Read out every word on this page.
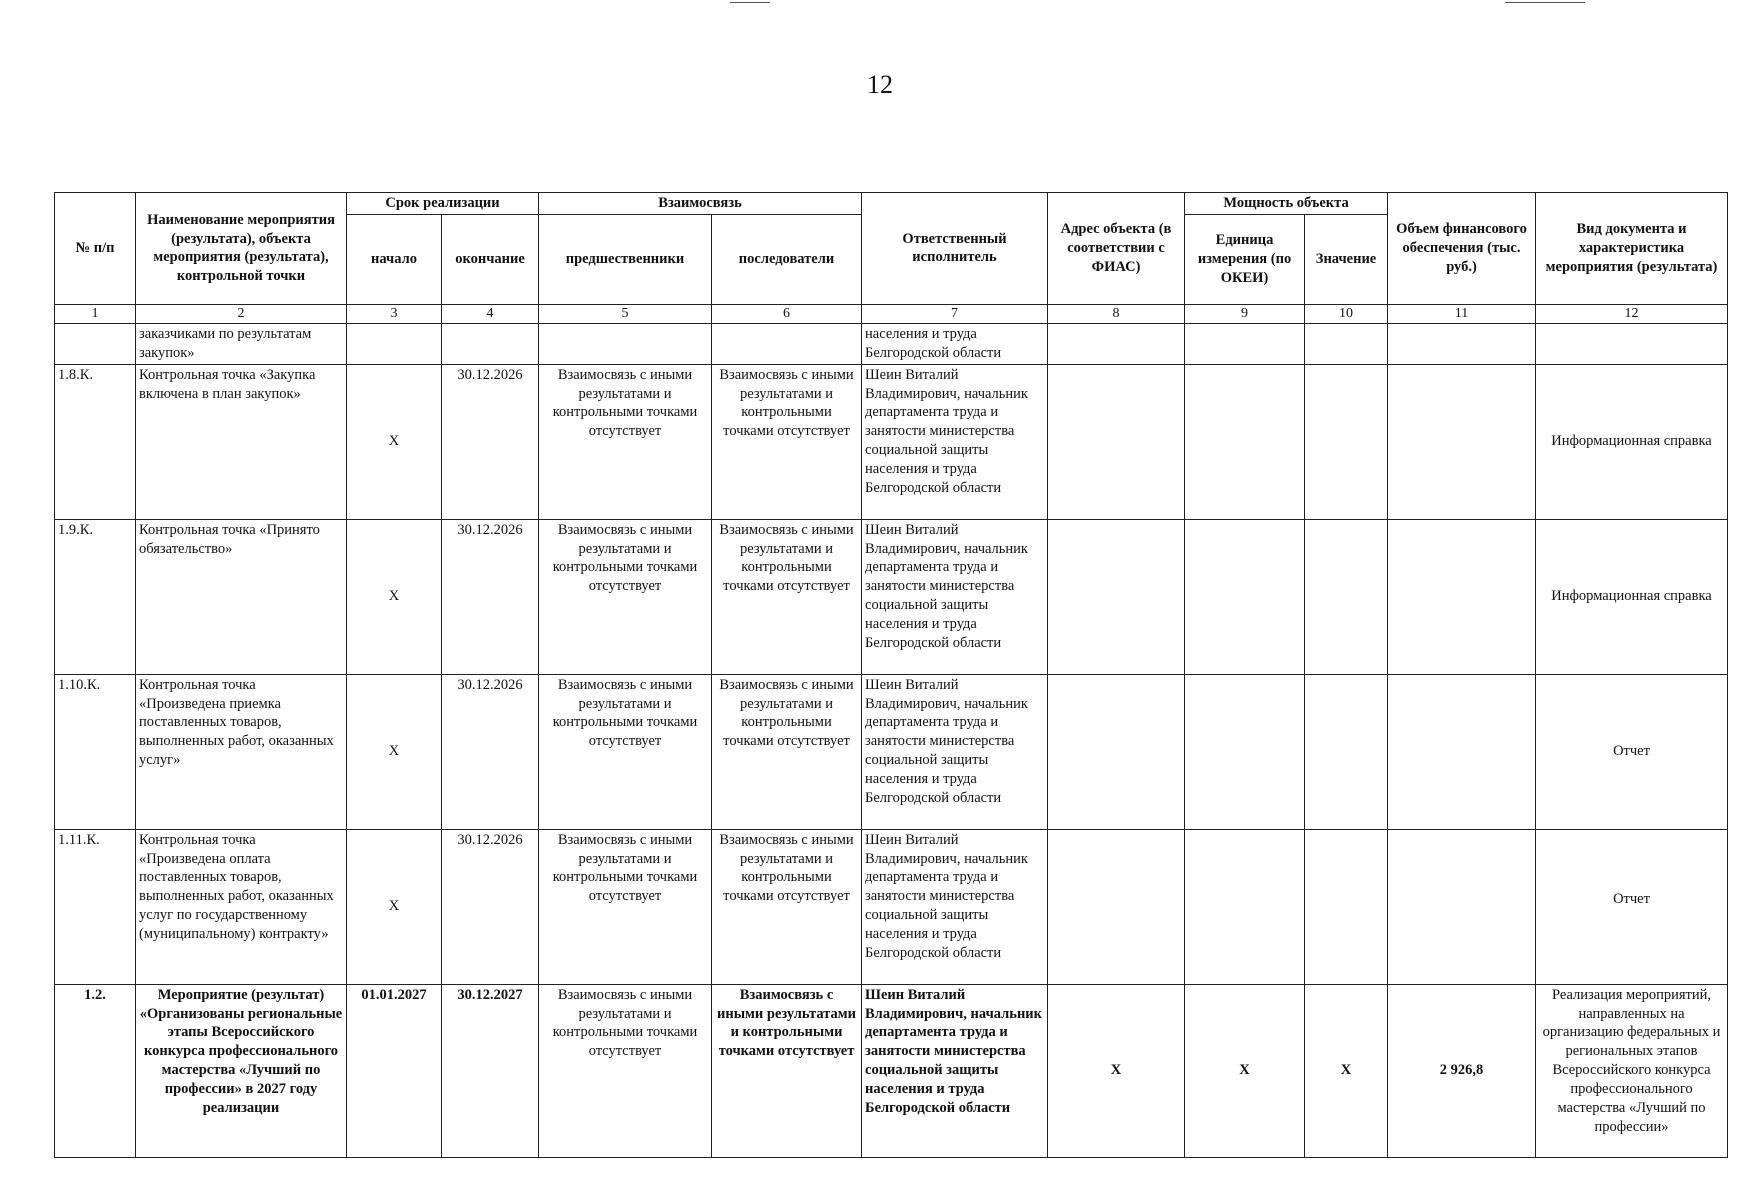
12
№ п/п	Наименование мероприятия (результата), объекта мероприятия (результата), контрольной точки	Срок реализации		Взаимосвязь		Ответственный исполнитель	Адрес объекта (в соответствии с ФИАС)	Мощность объекта		Объем финансового обеспечения (тыс. руб.)	Вид документа и характеристика мероприятия (результата)
		начало	окончание	предшественники	последователи			Единица измерения (по ОКЕИ)	Значение		
1	2	3	4	5	6	7	8	9	10	11	12
	заказчиками по результатам закупок»					населения и труда Белгородской области					
1.8.К.	Контрольная точка «Закупка включена в план закупок»	X	30.12.2026	Взаимосвязь с иными результатами и контрольными точками отсутствует	Взаимосвязь с иными результатами и контрольными точками отсутствует	Шеин Виталий Владимирович, начальник департамента труда и занятости министерства социальной защиты населения и труда Белгородской области					Информационная справка
1.9.К.	Контрольная точка «Принято обязательство»	X	30.12.2026	Взаимосвязь с иными результатами и контрольными точками отсутствует	Взаимосвязь с иными результатами и контрольными точками отсутствует	Шеин Виталий Владимирович, начальник департамента труда и занятости министерства социальной защиты населения и труда Белгородской области					Информационная справка
1.10.К.	Контрольная точка «Произведена приемка поставленных товаров, выполненных работ, оказанных услуг»	X	30.12.2026	Взаимосвязь с иными результатами и контрольными точками отсутствует	Взаимосвязь с иными результатами и контрольными точками отсутствует	Шеин Виталий Владимирович, начальник департамента труда и занятости министерства социальной защиты населения и труда Белгородской области					Отчет
1.11.К.	Контрольная точка «Произведена оплата поставленных товаров, выполненных работ, оказанных услуг по государственному (муниципальному) контракту»	X	30.12.2026	Взаимосвязь с иными результатами и контрольными точками отсутствует	Взаимосвязь с иными результатами и контрольными точками отсутствует	Шеин Виталий Владимирович, начальник департамента труда и занятости министерства социальной защиты населения и труда Белгородской области					Отчет
1.2.	Мероприятие (результат) «Организованы региональные этапы Всероссийского конкурса профессионального мастерства «Лучший по профессии» в 2027 году реализации	01.01.2027	30.12.2027	Взаимосвязь с иными результатами и контрольными точками отсутствует	Взаимосвязь с иными результатами и контрольными точками отсутствует	Шеин Виталий Владимирович, начальник департамента труда и занятости министерства социальной защиты населения и труда Белгородской области	X	X	X	2 926,8	Реализация мероприятий, направленных на организацию федеральных и региональных этапов Всероссийского конкурса профессионального мастерства «Лучший по профессии»
